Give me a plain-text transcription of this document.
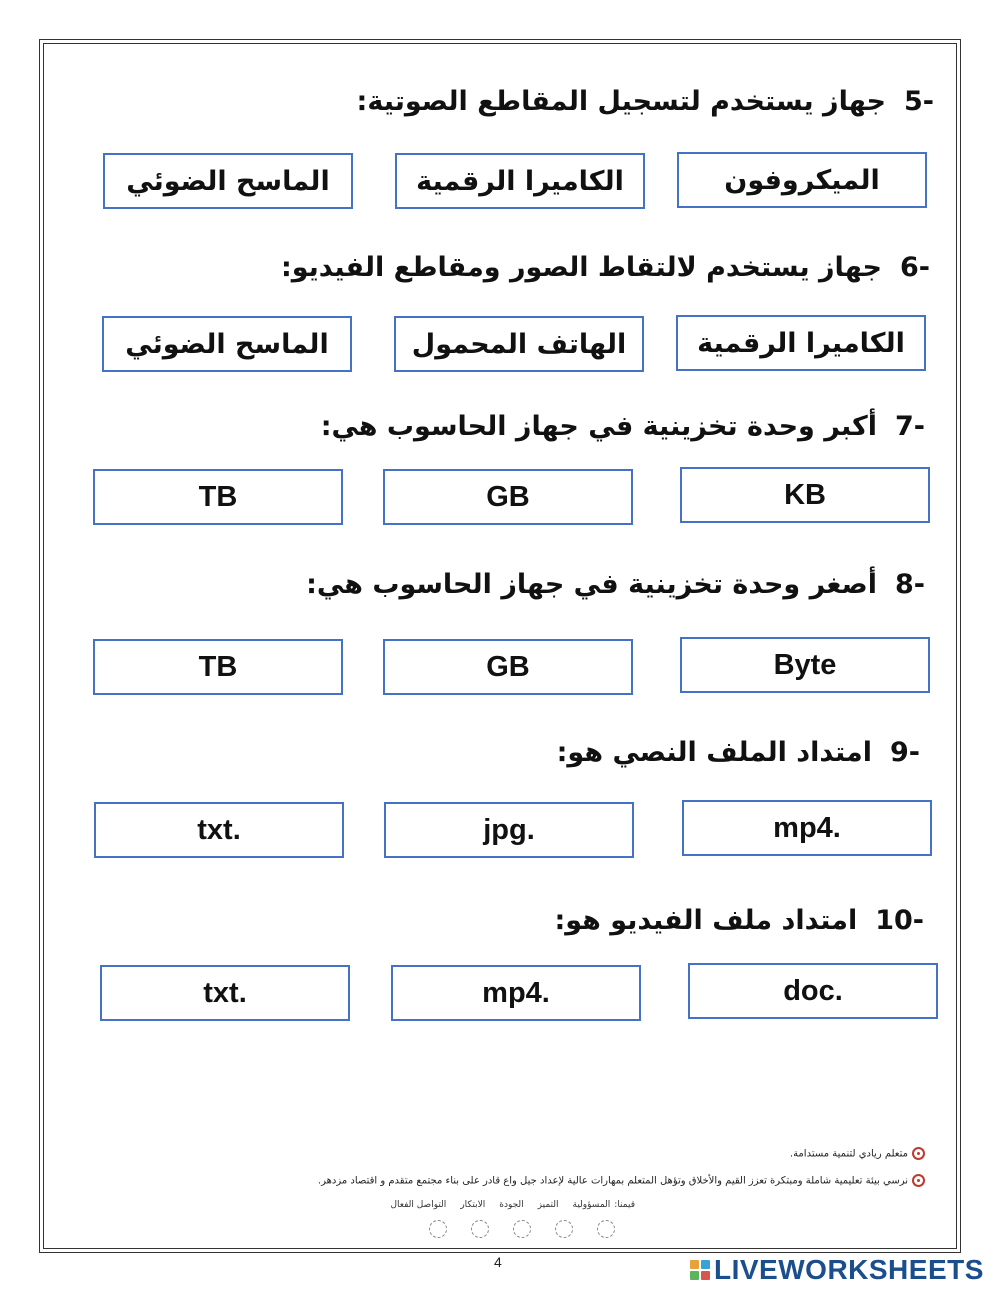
-5جهاز يستخدم لتسجيل المقاطع الصوتية:
الميكروفون
الكاميرا الرقمية
الماسح الضوئي
-6جهاز يستخدم لالتقاط الصور ومقاطع الفيديو:
الكاميرا الرقمية
الهاتف المحمول
الماسح الضوئي
-7أكبر وحدة تخزينية في جهاز الحاسوب هي:
KB
GB
TB
-8أصغر وحدة تخزينية في جهاز الحاسوب هي:
Byte
GB
TB
-9امتداد الملف النصي هو:
.mp4
.jpg
.txt
-10امتداد ملف الفيديو هو:
.doc
.mp4
.txt
متعلم ريادي لتنمية مستدامة.
نرسي بيئة تعليمية شاملة ومبتكرة تعزز القيم والأخلاق وتؤهل المتعلم بمهارات عالية لإعداد جيل واع قادر على بناء مجتمع متقدم و اقتصاد مزدهر.
قيمنا:المسؤوليةالتميزالجودةالابتكارالتواصل الفعال
4	LIVEWORKSHEETS
